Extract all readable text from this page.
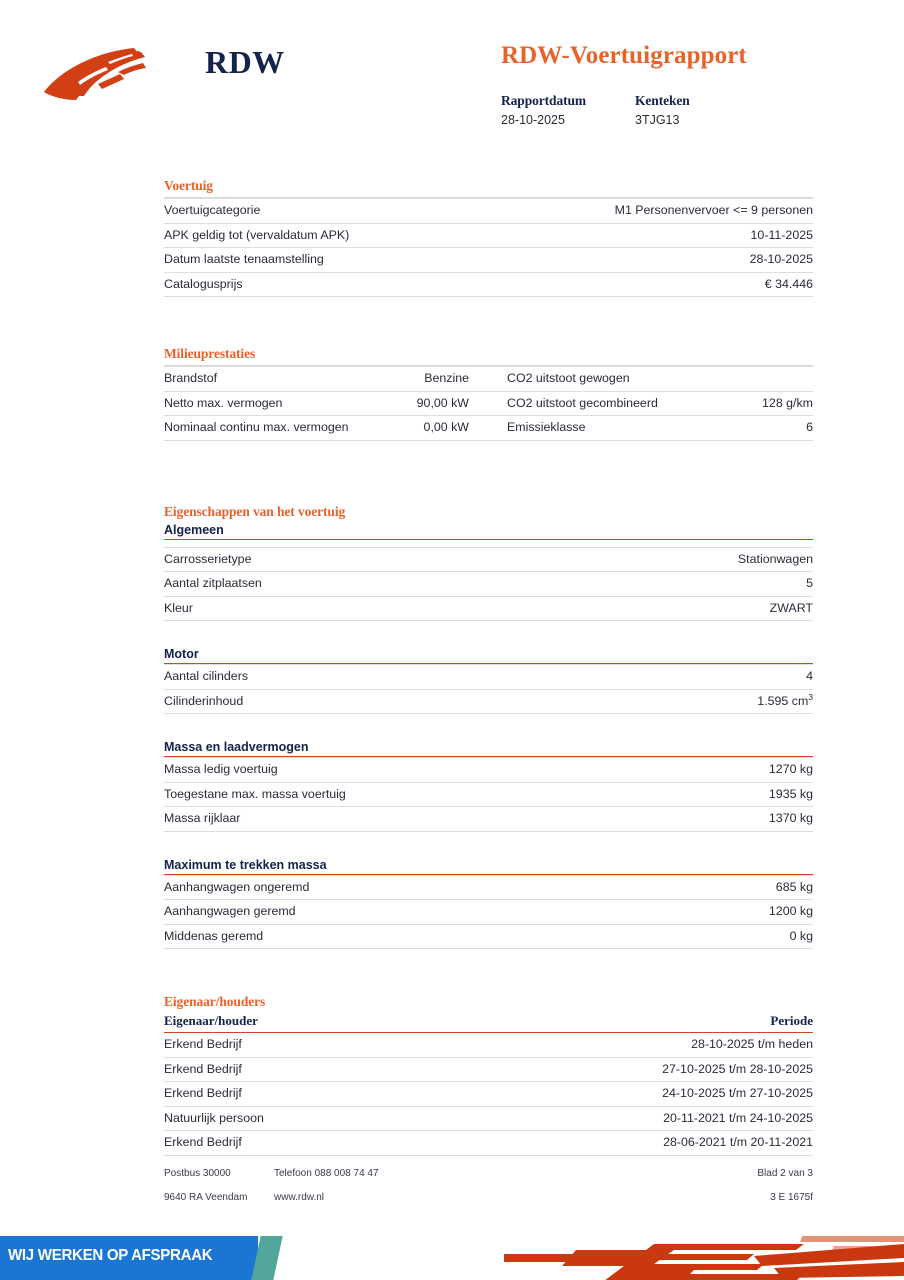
RDW	RDW-Voertuigrapport
Rapportdatum
28-10-2025
Kenteken
3TJG13
Voertuig
Voertuigcategorie	M1 Personenvervoer <= 9 personen
APK geldig tot (vervaldatum APK)	10-11-2025
Datum laatste tenaamstelling	28-10-2025
Catalogusprijs	€ 34.446
Milieuprestaties
Brandstof	Benzine	CO2 uitstoot gewogen	
Netto max. vermogen	90,00 kW	CO2 uitstoot gecombineerd	128 g/km
Nominaal continu max. vermogen	0,00 kW	Emissieklasse	6
Eigenschappen van het voertuig
Algemeen
Carrosserietype	Stationwagen
Aantal zitplaatsen	5
Kleur	ZWART
Motor
Aantal cilinders	4
Cilinderinhoud	1.595 $cm^3$
Massa en laadvermogen
Massa ledig voertuig	1270 kg
Toegestane max. massa voertuig	1935 kg
Massa rijklaar	1370 kg
Maximum te trekken massa
Aanhangwagen ongeremd	685 kg
Aanhangwagen geremd	1200 kg
Middenas geremd	0 kg
Eigenaar/houders
Eigenaar/houder	Periode
Erkend Bedrijf	28-10-2025 t/m heden
Erkend Bedrijf	27-10-2025 t/m 28-10-2025
Erkend Bedrijf	24-10-2025 t/m 27-10-2025
Natuurlijk persoon	20-11-2021 t/m 24-10-2025
Erkend Bedrijf	28-06-2021 t/m 20-11-2021
Postbus 30000	Telefoon 088 008 74 47	Blad 2 van 3
9640 RA Veendam	www.rdw.nl	3 E 1675f
WIJ WERKEN OP AFSPRAAK
